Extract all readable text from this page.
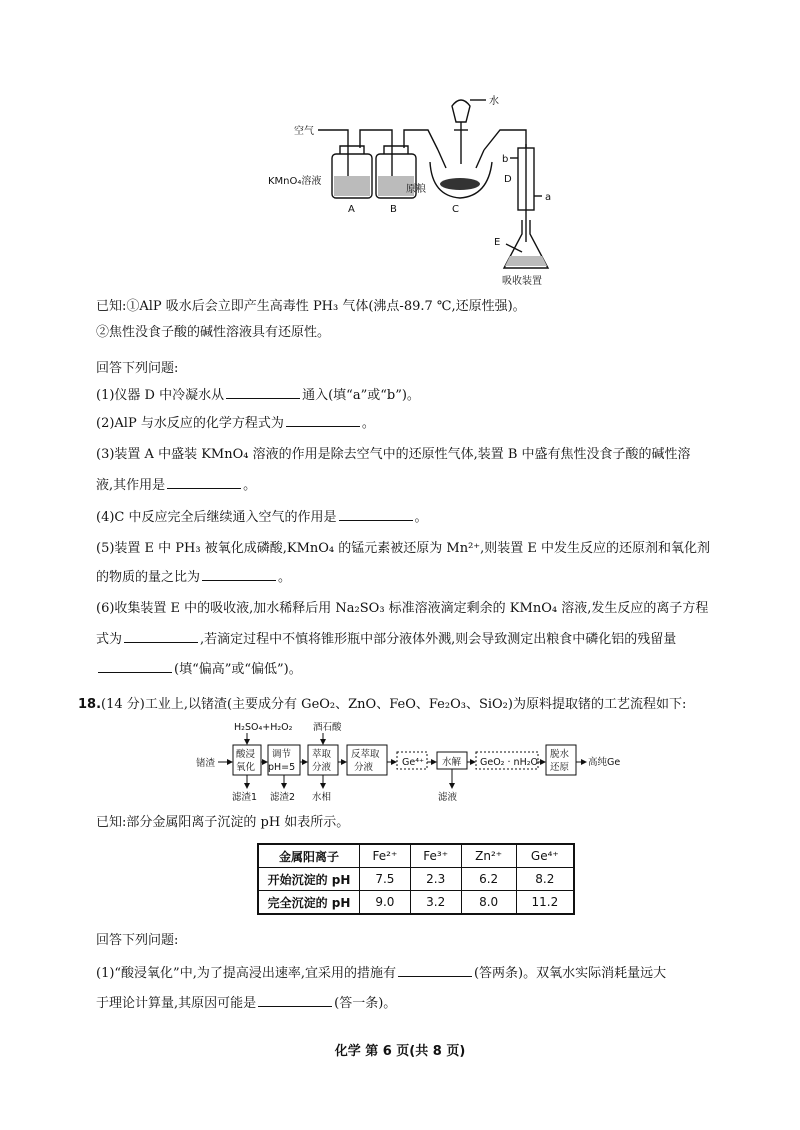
空气
水
KMnO₄溶液
原粮
A	B	C
D
b
a
E
吸收装置
已知:①AlP 吸水后会立即产生高毒性 PH₃ 气体(沸点-89.7 ℃,还原性强)。
②焦性没食子酸的碱性溶液具有还原性。
回答下列问题:
(1)仪器 D 中冷凝水从	通入(填“a”或“b”)。
(2)AlP 与水反应的化学方程式为	。
(3)装置 A 中盛装 KMnO₄ 溶液的作用是除去空气中的还原性气体,装置 B 中盛有焦性没食子酸的碱性溶
液,其作用是	。
(4)C 中反应完全后继续通入空气的作用是	。
(5)装置 E 中 PH₃ 被氧化成磷酸,KMnO₄ 的锰元素被还原为 Mn²⁺,则装置 E 中发生反应的还原剂和氧化剂
的物质的量之比为	。
(6)收集装置 E 中的吸收液,加水稀释后用 Na₂SO₃ 标准溶液滴定剩余的 KMnO₄ 溶液,发生反应的离子方程
式为	,若滴定过程中不慎将锥形瓶中部分液体外溅,则会导致测定出粮食中磷化铝的残留量
(填“偏高”或“偏低”)。
18.(14 分)工业上,以锗渣(主要成分有 GeO₂、ZnO、FeO、Fe₂O₃、SiO₂)为原料提取锗的工艺流程如下:
H₂SO₄+H₂O₂ 酒石酸
锗渣
酸浸
氧化
调节
pH=5
萃取
分液
反萃取
分液	Ge⁴⁺ 水解 GeO₂ · nH₂O
脱水
还原 高纯Ge
滤渣1 滤渣2 水相	滤液
已知:部分金属阳离子沉淀的 pH 如表所示。
金属阳离子	Fe²⁺	Fe³⁺	Zn²⁺	Ge⁴⁺
开始沉淀的 pH	7.5	2.3	6.2	8.2
完全沉淀的 pH	9.0	3.2	8.0	11.2
回答下列问题:
(1)“酸浸氧化”中,为了提高浸出速率,宜采用的措施有	(答两条)。双氧水实际消耗量远大
于理论计算量,其原因可能是	(答一条)。
化学 第 6 页(共 8 页)
